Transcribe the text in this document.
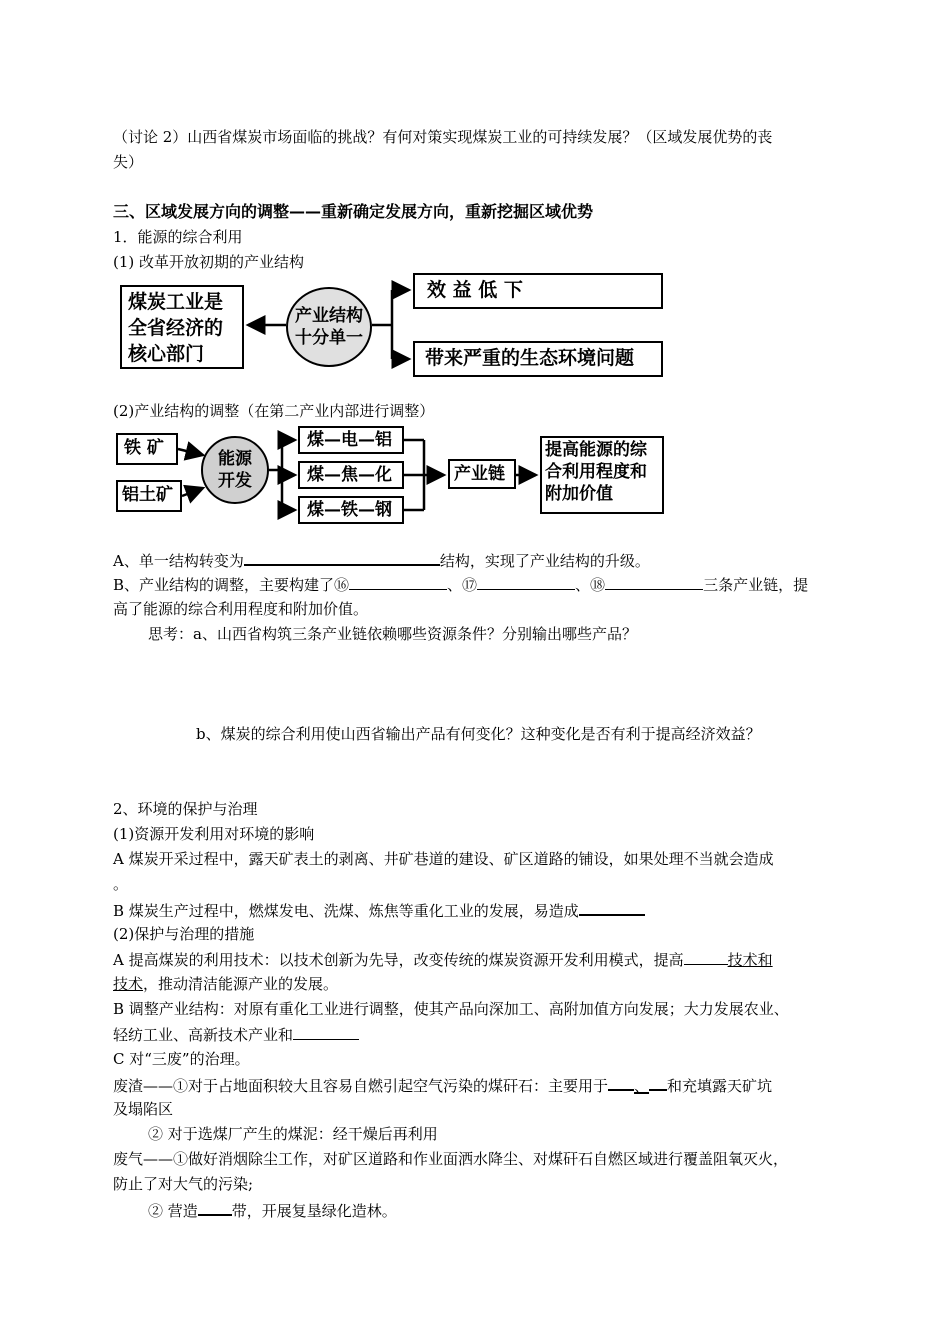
（讨论 2）山西省煤炭市场面临的挑战？有何对策实现煤炭工业的可持续发展？（区域发展优势的丧
失）
三、区域发展方向的调整——重新确定发展方向，重新挖掘区域优势
1．能源的综合利用
(1) 改革开放初期的产业结构
煤炭工业是
全省经济的
核心部门
产业结构
十分单一
效 益 低 下
带来严重的生态环境问题
(2)产业结构的调整（在第二产业内部进行调整）
铁 矿
铝土矿
能源
开发
煤—电—铝
煤—焦—化
煤—铁—钢
产业链
提高能源的综
合利用程度和
附加价值
A、单一结构转变为	结构，实现了产业结构的升级。
B、产业结构的调整，主要构建了⑯	、⑰	、⑱	三条产业链，提
高了能源的综合利用程度和附加价值。
思考：a、山西省构筑三条产业链依赖哪些资源条件？分别输出哪些产品？
b、煤炭的综合利用使山西省输出产品有何变化？这种变化是否有利于提高经济效益？
2、环境的保护与治理
(1)资源开发利用对环境的影响
A 煤炭开采过程中，露天矿表土的剥离、井矿巷道的建设、矿区道路的铺设，如果处理不当就会造成
。
B 煤炭生产过程中，燃煤发电、洗煤、炼焦等重化工业的发展，易造成
(2)保护与治理的措施
A 提高煤炭的利用技术：以技术创新为先导，改变传统的煤炭资源开发利用模式，提高	技术和
技术，推动清洁能源产业的发展。
B 调整产业结构：对原有重化工业进行调整，使其产品向深加工、高附加值方向发展；大力发展农业、
轻纺工业、高新技术产业和
C 对“三废”的治理。
废渣——①对于占地面积较大且容易自燃引起空气污染的煤矸石：主要用于 、 和充填露天矿坑
及塌陷区
② 对于选煤厂产生的煤泥：经干燥后再利用
废气——①做好消烟除尘工作，对矿区道路和作业面洒水降尘、对煤矸石自燃区域进行覆盖阻氧灭火，
防止了对大气的污染;
② 营造 带，开展复垦绿化造林。
